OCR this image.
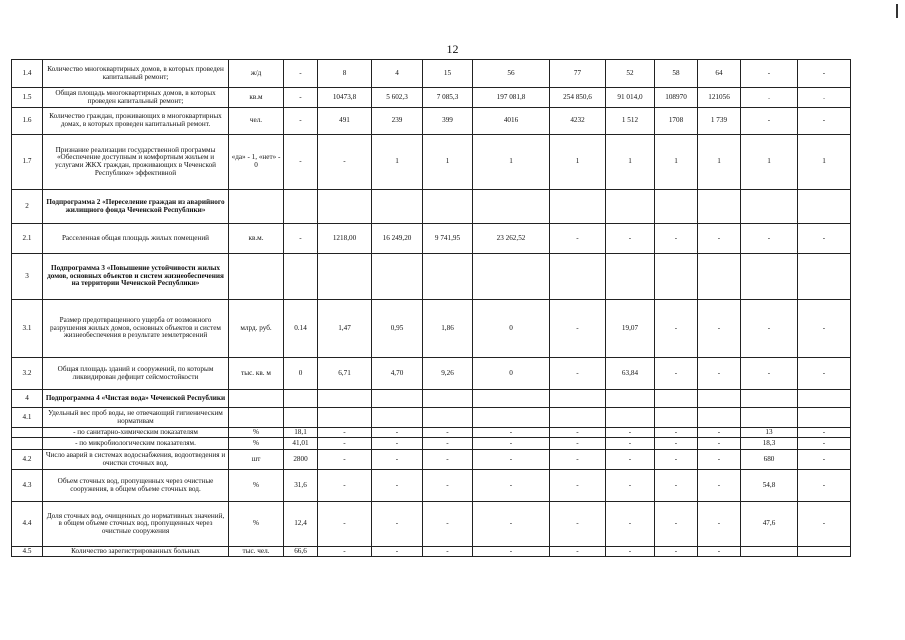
12
1.4	Количество многоквартирных домов, в которых проведен капитальный ремонт;	ж/д	-	8	4	15	56	77	52	58	64	-	-
1.5	Общая площадь многоквартирных домов, в которых проведен капитальный ремонт;	кв.м	-	10473,8	5 602,3	7 085,3	197 081,8	254 850,6	91 014,0	108970	121056	.	.
1.6	Количество граждан, проживающих в многоквартирных домах, в которых проведен капитальный ремонт.	чел.	-	491	239	399	4016	4232	1 512	1708	1 739	-	-
1.7	Признание реализации государственной программы «Обеспечение доступным и комфортным жильем и услугами ЖКХ граждан, проживающих в Чеченской Республике» эффективной	«да» - 1, «нет» - 0	-	-	1	1	1	1	1	1	1	1	1
2	Подпрограмма 2 «Переселение граждан из аварийного жилищного фонда Чеченской Республики»												
2.1	Расселенная общая площадь жилых помещений	кв.м.	-	1218,00	16 249,20	9 741,95	23 262,52	-	-	-	-	-	-
3	Подпрограмма 3 «Повышение устойчивости жилых домов, основных объектов и систем жизнеобеспечения на территории Чеченской Республики»												
3.1	Размер предотвращенного ущерба от возможного разрушения жилых домов, основных объектов и систем жизнеобеспечения в результате землетрясений	млрд. руб.	0.14	1,47	0,95	1,86	0	-	19,07	-	-	-	-
3.2	Общая площадь зданий и сооружений, по которым ликвидирован дефицит сейсмостойкости	тыс. кв. м	0	6,71	4,70	9,26	0	-	63,84	-	-	-	-
4	Подпрограмма 4 «Чистая вода» Чеченской Республики												
4.1	Удельный вес проб воды, не отвечающий гигиеническим нормативам												
	- по санитарно-химическим показателям	%	18,1	-	-	-	-	-	-	-	-	13	-
	- по микробиологическим показателям.	%	41,01	-	-	-	-	-	-	-	-	18,3	-
4.2	Число аварий в системах водоснабжения, водоотведения и очистки сточных вод.	шт	2800	-	-	-	-	-	-	-	-	680	-
4.3	Объем сточных вод, пропущенных через очистные сооружения, в общем объеме сточных вод.	%	31,6	-	-	-	-	-	-	-	-	54,8	-
4.4	Доля сточных вод, очищенных до нормативных значений, в общем объеме сточных вод, пропущенных через очистные сооружения	%	12,4	-	-	-	-	-	-	-	-	47,6	-
4.5	Количество зарегистрированных больных	тыс. чел.	66,6	-	-	-	-	-	-	-	-		
